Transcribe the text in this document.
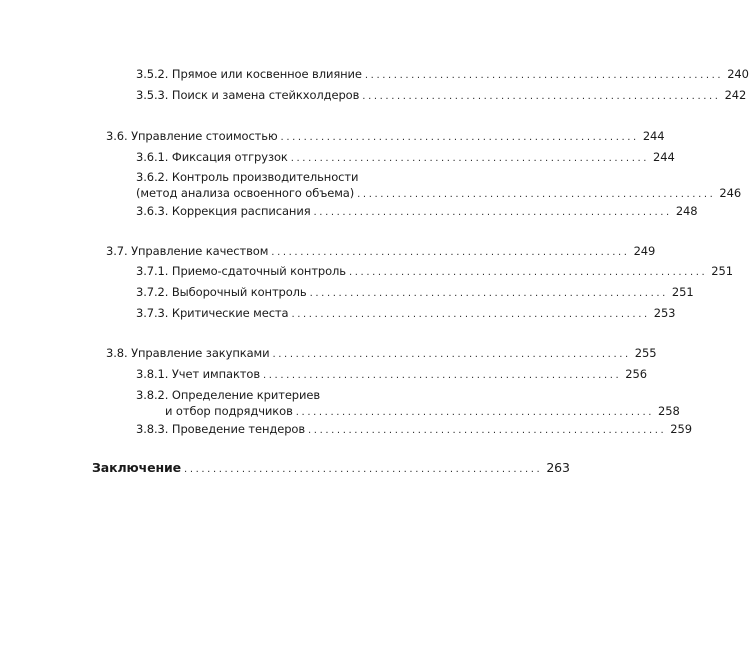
3.5.2. Прямое или косвенное влияние .............................................................. 240
3.5.3. Поиск и замена стейкхолдеров .............................................................. 242
3.6. Управление стоимостью .............................................................. 244
3.6.1. Фиксация отгрузок .............................................................. 244
3.6.2. Контроль производительности
(метод анализа освоенного объема) .............................................................. 246
3.6.3. Коррекция расписания .............................................................. 248
3.7. Управление качеством .............................................................. 249
3.7.1. Приемо-сдаточный контроль .............................................................. 251
3.7.2. Выборочный контроль .............................................................. 251
3.7.3. Критические места .............................................................. 253
3.8. Управление закупками .............................................................. 255
3.8.1. Учет импактов .............................................................. 256
3.8.2. Определение критериев
и отбор подрядчиков .............................................................. 258
3.8.3. Проведение тендеров .............................................................. 259
Заключение .............................................................. 263
